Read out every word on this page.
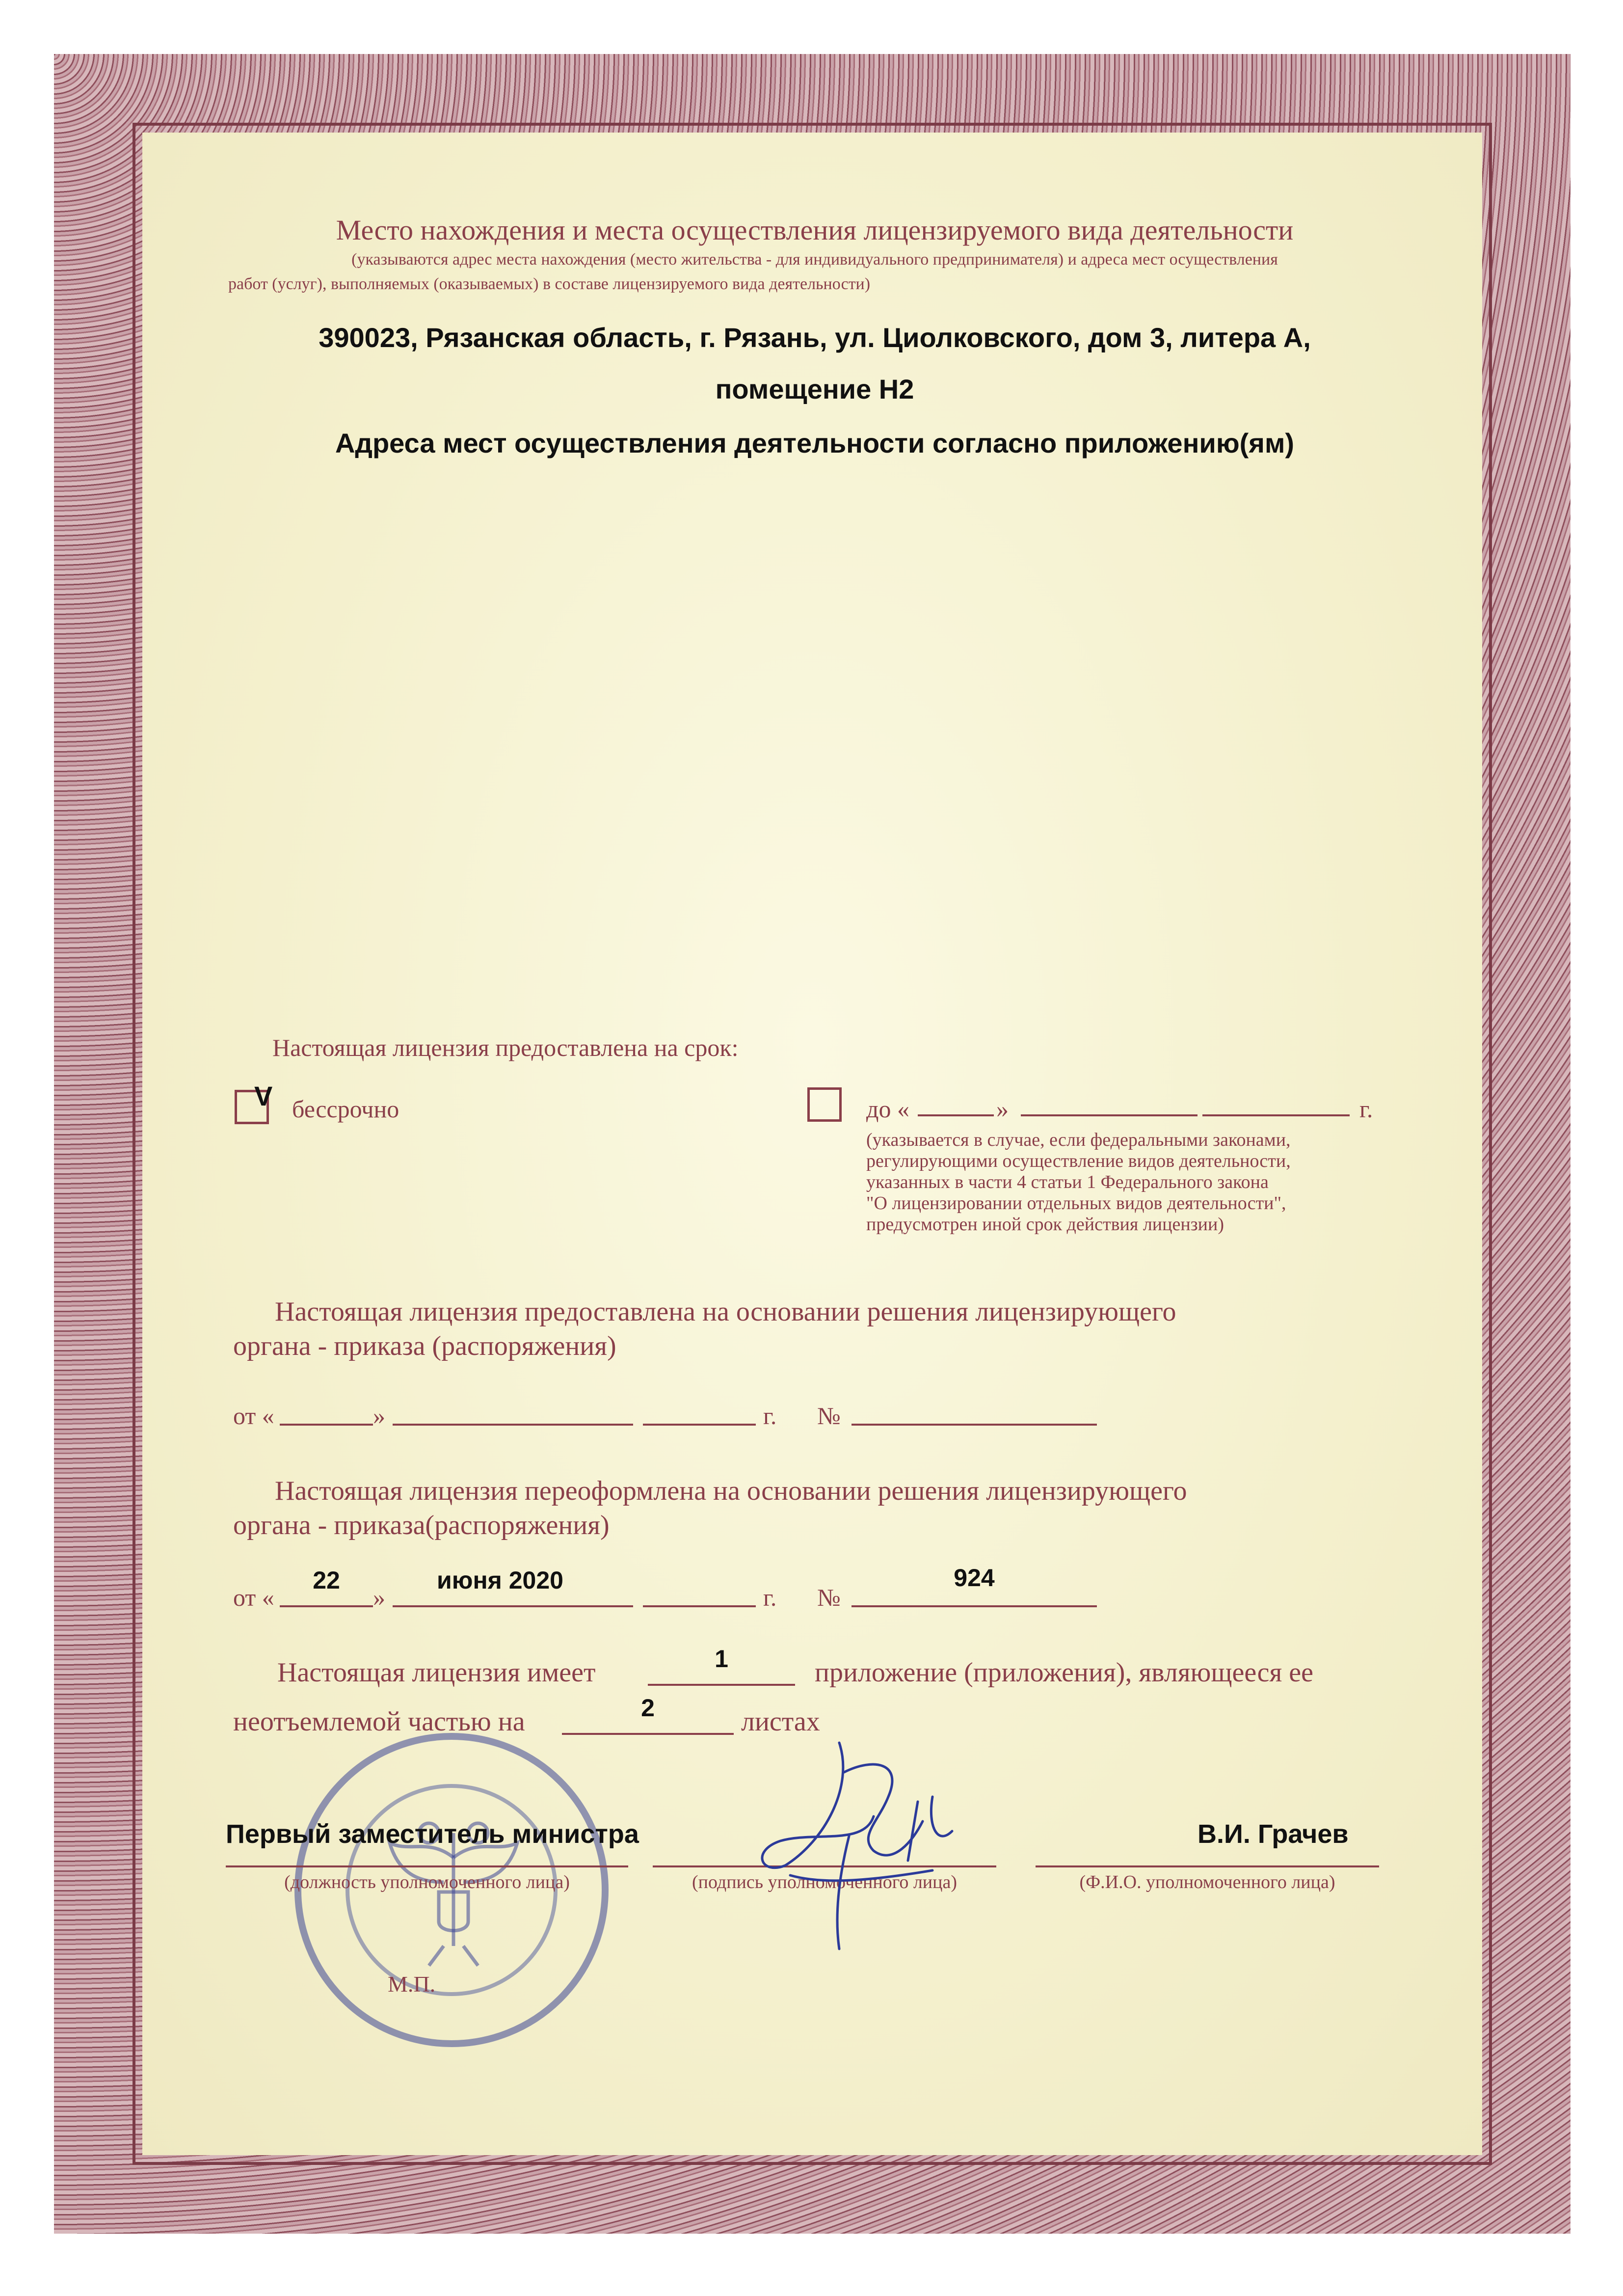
Место нахождения и места осуществления лицензируемого вида деятельности
(указываются адрес места нахождения (место жительства - для индивидуального предпринимателя) и адреса мест осуществления
работ (услуг), выполняемых (оказываемых) в составе лицензируемого вида деятельности)
390023, Рязанская область, г. Рязань, ул. Циолковского, дом 3, литера А,
помещение Н2
Адреса мест осуществления деятельности согласно приложению(ям)
Настоящая лицензия предоставлена на срок:
V бессрочно	до «	»	г.
(указывается в случае, если федеральными законами,
регулирующими осуществление видов деятельности,
указанных в части 4 статьи 1 Федерального закона
"О лицензировании отдельных видов деятельности",
предусмотрен иной срок действия лицензии)
Настоящая лицензия предоставлена на основании решения лицензирующего
органа - приказа (распоряжения)
от «	»	г. №
Настоящая лицензия переоформлена на основании решения лицензирующего
органа - приказа(распоряжения)
от «
22
»
июня 2020
г. №
924
Настоящая лицензия имеет	1	приложение (приложения), являющееся ее
неотъемлемой частью на	2	листах
Первый заместитель министра
(должность уполномоченного лица)	(подпись уполномоченного лица)
В.И. Грачев
(Ф.И.О. уполномоченного лица)
М.П.
